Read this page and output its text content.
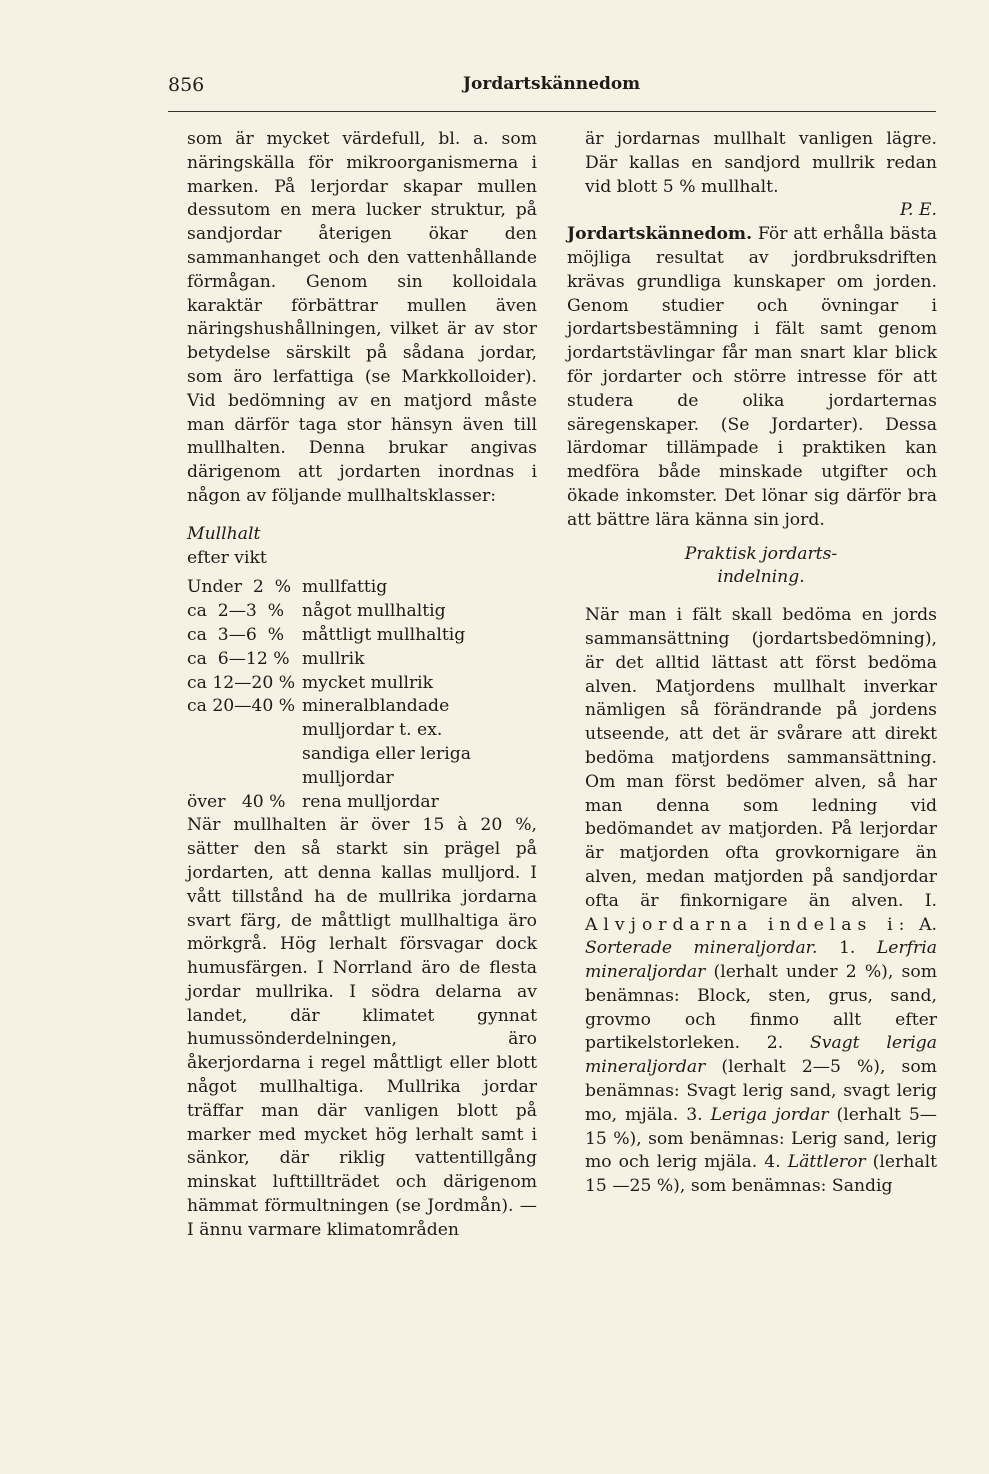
856	Jordartskännedom

som är mycket värdefull, bl. a. som näringskälla för mikroorganismerna i marken. På lerjordar skapar mullen dessutom en mera lucker struktur, på sandjordar återigen ökar den sammanhanget och den vattenhållande förmågan. Genom sin kolloidala karaktär förbättrar mullen även näringshushållningen, vilket är av stor betydelse särskilt på sådana jordar, som äro lerfattiga (se Markkolloider). Vid bedömning av en matjord måste man därför taga stor hänsyn även till mullhalten. Denna brukar angivas därigenom att jordarten inordnas i någon av följande mullhaltsklasser:

Mullhalt
efter vikt
Under  2  % mullfattig
ca  2—3  %	något mullhaltig
ca  3—6  %	måttligt mullhaltig
ca  6—12 % mullrik
ca 12—20 % mycket mullrik
ca 20—40 % mineralblandade mulljordar t. ex. sandiga eller leriga mulljordar
över   40 % rena mulljordar

När mullhalten är över 15 à 20 %, sätter den så starkt sin prägel på jordarten, att denna kallas mulljord. I vått tillstånd ha de mullrika jordarna svart färg, de måttligt mullhaltiga äro mörkgrå. Hög lerhalt försvagar dock humusfärgen. I Norrland äro de flesta jordar mullrika. I södra delarna av landet, där klimatet gynnat humussönderdelningen, äro åkerjordarna i regel måttligt eller blott något mullhaltiga. Mullrika jordar träffar man där vanligen blott på marker med mycket hög lerhalt samt i sänkor, där riklig vattentillgång minskat lufttillträdet och därigenom hämmat förmultningen (se Jordmån). — I ännu varmare klimatområden

är jordarnas mullhalt vanligen lägre. Där kallas en sandjord mullrik redan vid blott 5 % mullhalt.

P. E.

Jordartskännedom. För att erhålla bästa möjliga resultat av jordbruksdriften krävas grundliga kunskaper om jorden. Genom studier och övningar i jordartsbestämning i fält samt genom jordartstävlingar får man snart klar blick för jordarter och större intresse för att studera de olika jordarternas säregenskaper. (Se Jordarter). Dessa lärdomar tillämpade i praktiken kan medföra både minskade utgifter och ökade inkomster. Det lönar sig därför bra att bättre lära känna sin jord.

Praktisk jordarts-
indelning.

När man i fält skall bedöma en jords sammansättning (jordartsbedömning), är det alltid lättast att först bedöma alven. Matjordens mullhalt inverkar nämligen så förändrande på jordens utseende, att det är svårare att direkt bedöma matjordens sammansättning. Om man först bedömer alven, så har man denna som ledning vid bedömandet av matjorden. På lerjordar är matjorden ofta grovkornigare än alven, medan matjorden på sandjordar ofta är finkornigare än alven. I. Alvjordarna indelas i: A. Sorterade mineraljordar. 1. Lerfria mineraljordar (lerhalt under 2 %), som benämnas: Block, sten, grus, sand, grovmo och finmo allt efter partikelstorleken. 2. Svagt leriga mineraljordar (lerhalt 2—5 %), som benämnas: Svagt lerig sand, svagt lerig mo, mjäla. 3. Leriga jordar (lerhalt 5—15 %), som benämnas: Lerig sand, lerig mo och lerig mjäla. 4. Lättleror (lerhalt 15 —25 %), som benämnas: Sandig
